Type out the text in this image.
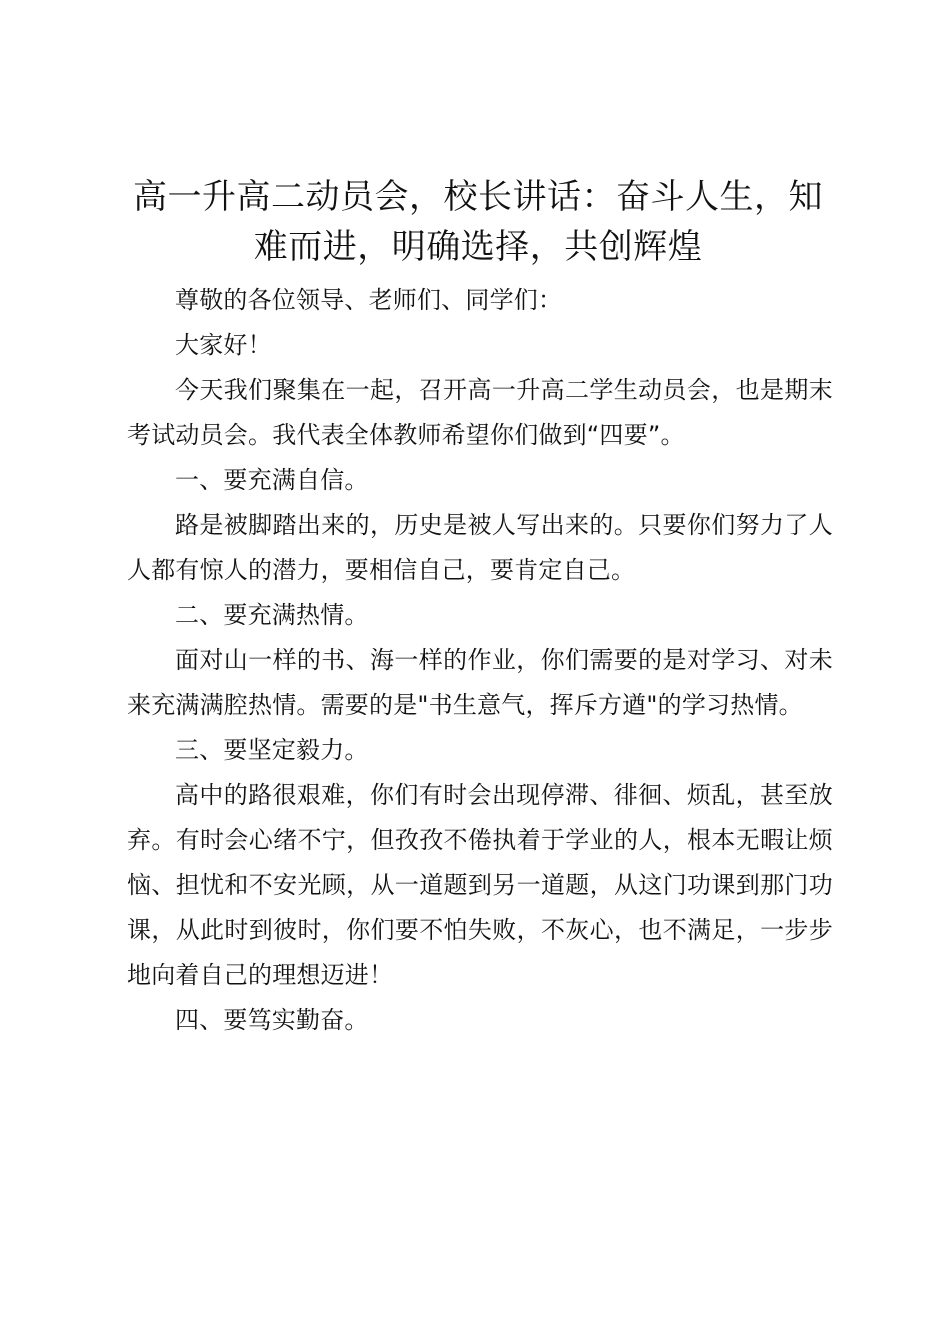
高一升高二动员会，校长讲话：奋斗人生，知难而进，明确选择，共创辉煌

尊敬的各位领导、老师们、同学们：

大家好！

今天我们聚集在一起，召开高一升高二学生动员会，也是期末考试动员会。我代表全体教师希望你们做到“四要”。

一、要充满自信。

路是被脚踏出来的，历史是被人写出来的。只要你们努力了人人都有惊人的潜力，要相信自己，要肯定自己。

二、要充满热情。

面对山一样的书、海一样的作业，你们需要的是对学习、对未来充满满腔热情。需要的是"书生意气，挥斥方遒"的学习热情。

三、要坚定毅力。

高中的路很艰难，你们有时会出现停滞、徘徊、烦乱，甚至放弃。有时会心绪不宁，但孜孜不倦执着于学业的人，根本无暇让烦恼、担忧和不安光顾，从一道题到另一道题，从这门功课到那门功课，从此时到彼时，你们要不怕失败，不灰心，也不满足，一步步地向着自己的理想迈进！

四、要笃实勤奋。
